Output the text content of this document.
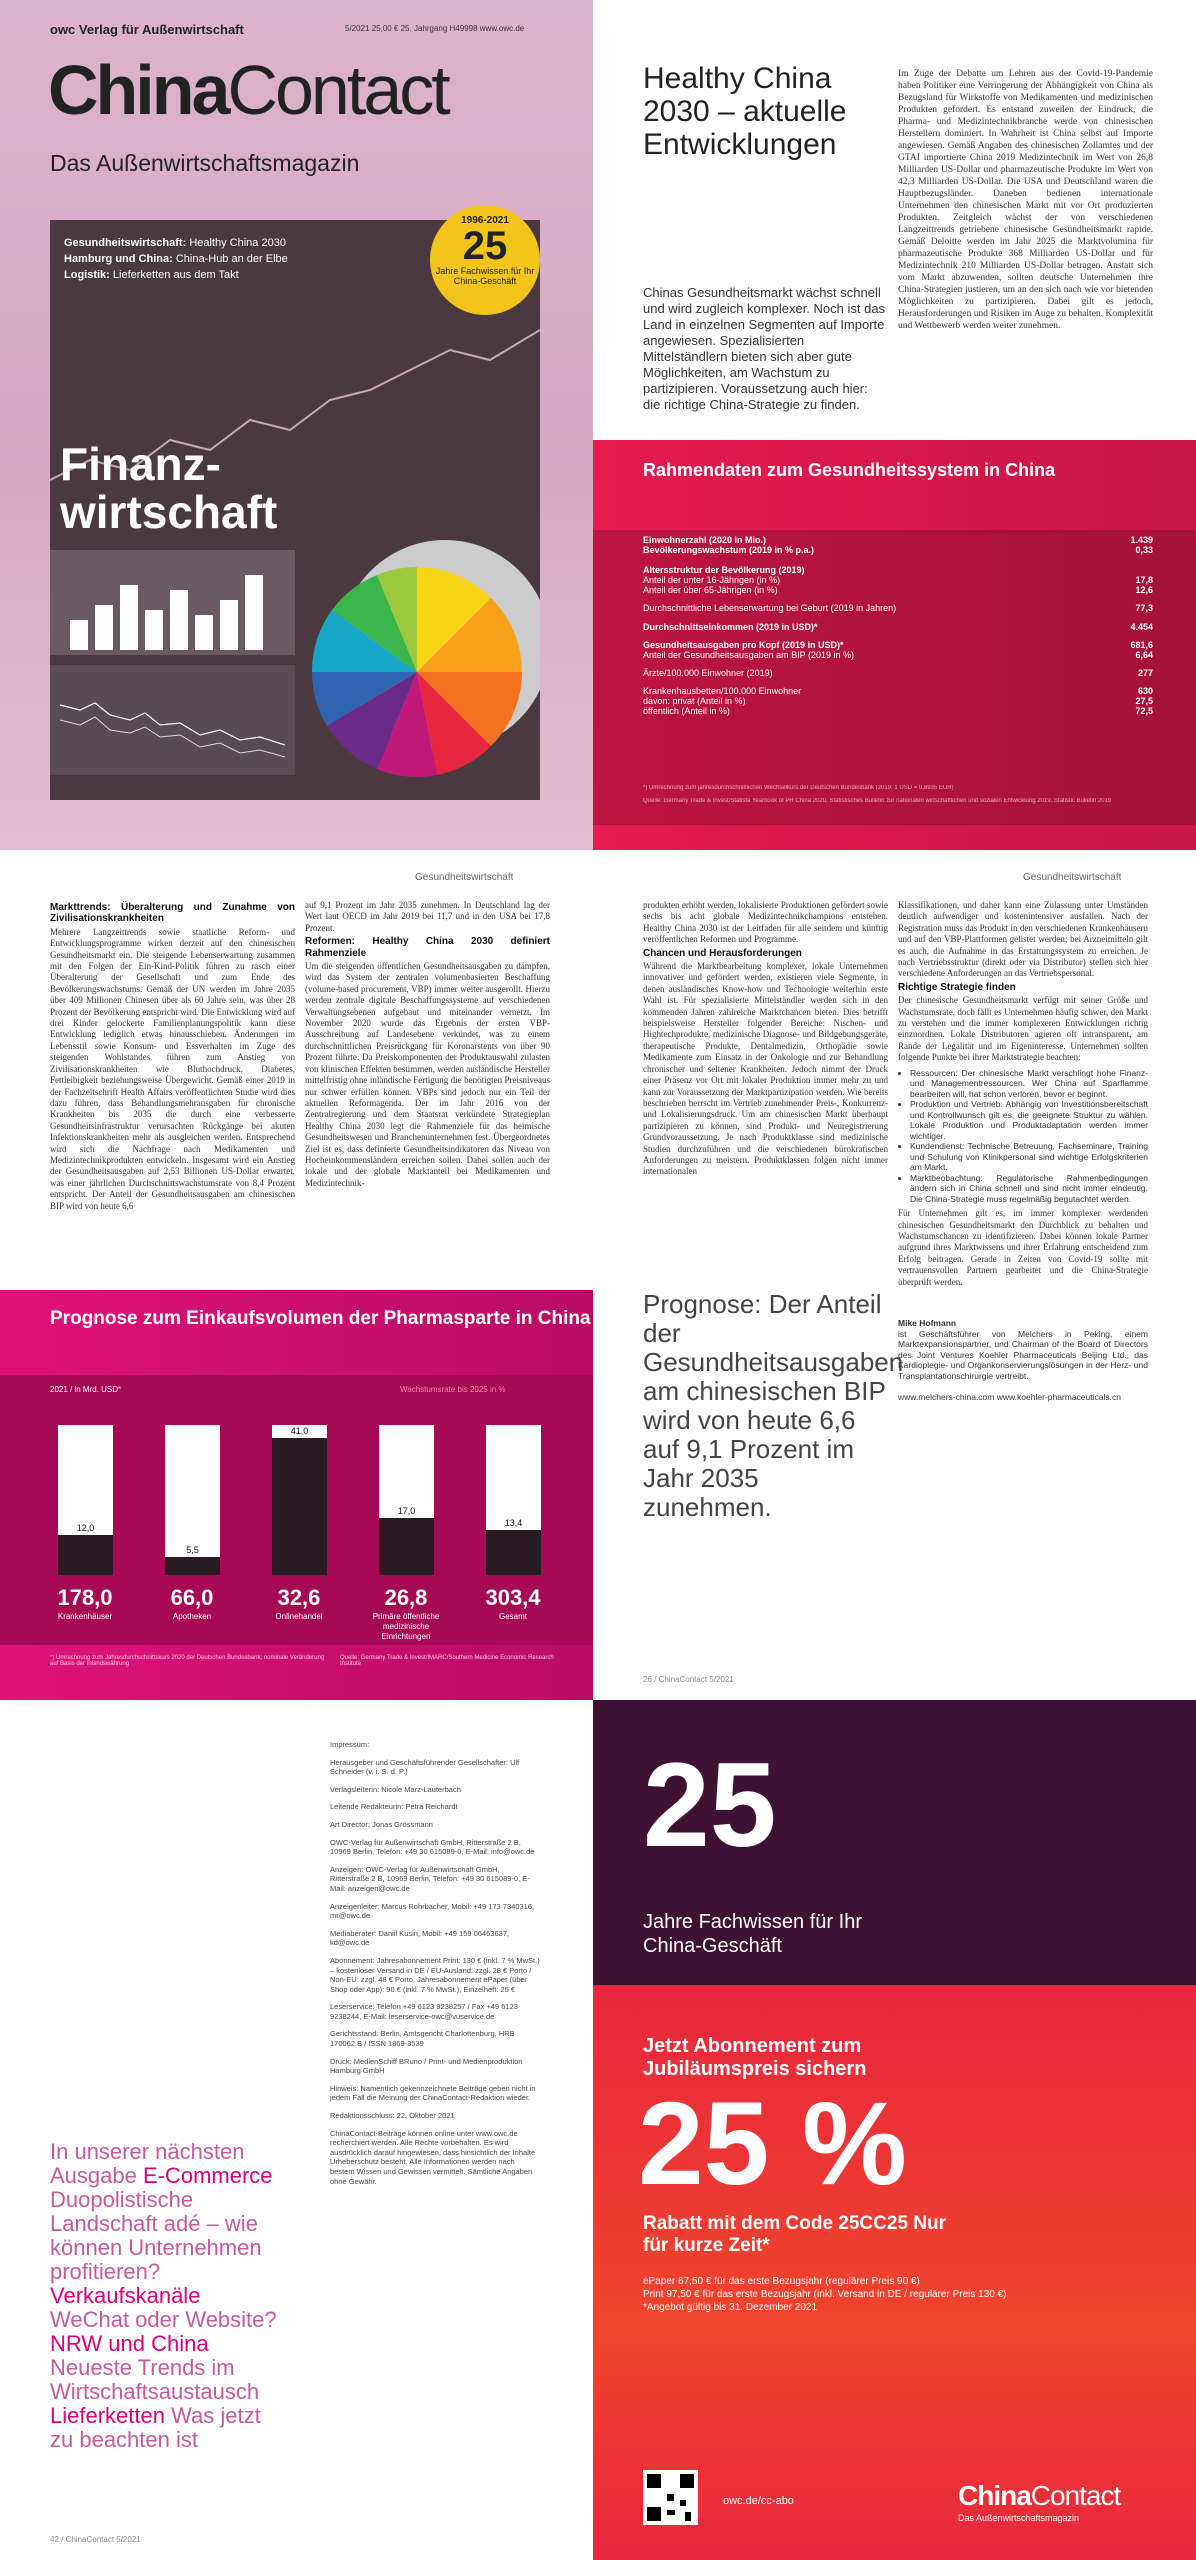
owc Verlag für Außenwirtschaft	5/2021 25,00 € 25. Jahrgang H49998 www.owc.de
ChinaContact
Das Außenwirtschaftsmagazin
Gesundheitswirtschaft: Healthy China 2030
Hamburg und China: China-Hub an der Elbe
Logistik: Lieferketten aus dem Takt
1996-2021
25
Jahre Fachwissen für Ihr China-Geschäft
Finanz-
wirtschaft
Healthy China 2030 – aktuelle Entwicklungen
Chinas Gesundheitsmarkt wächst schnell und wird zugleich komplexer. Noch ist das Land in einzelnen Segmenten auf Importe angewiesen. Spezialisierten Mittelständlern bieten sich aber gute Möglichkeiten, am Wachstum zu partizipieren. Voraussetzung auch hier: die richtige China-Strategie zu finden.
Im Zuge der Debatte um Lehren aus der Covid-19-Pandemie haben Politiker eine Verringerung der Abhängigkeit von China als Bezugsland für Wirkstoffe von Medikamenten und medizinischen Produkten gefordert. Es entstand zuweilen der Eindruck, die Pharma- und Medizintechnikbranche werde von chinesischen Herstellern dominiert. In Wahrheit ist China selbst auf Importe angewiesen. Gemäß Angaben des chinesischen Zollamtes und der GTAI importierte China 2019 Medizintechnik im Wert von 26,8 Milliarden US-Dollar und pharmazeutische Produkte im Wert von 42,3 Milliarden US-Dollar. Die USA und Deutschland waren die Hauptbezugsländer. Daneben bedienen internationale Unternehmen den chinesischen Markt mit vor Ort produzierten Produkten. Zeitgleich wächst der von verschiedenen Langzeittrends getriebene chinesische Gesundheitsmarkt rapide. Gemäß Deloitte werden im Jahr 2025 die Marktvolumina für pharmazeutische Produkte 368 Milliarden US-Dollar und für Medizintechnik 210 Milliarden US-Dollar betragen. Anstatt sich vom Markt abzuwenden, sollten deutsche Unternehmen ihre China-Strategien justieren, um an den sich nach wie vor bietenden Möglichkeiten zu partizipieren. Dabei gilt es jedoch, Herausforderungen und Risiken im Auge zu behalten. Komplexität und Wettbewerb werden weiter zunehmen.
Rahmendaten zum Gesundheitssystem in China
Einwohnerzahl (2020 in Mio.)	1.439
Bevölkerungswachstum (2019 in % p.a.)	0,33
Altersstruktur der Bevölkerung (2019)
Anteil der unter 16-Jährigen (in %)	17,8
Anteil der über 65-Jährigen (in %)	12,6
Durchschnittliche Lebenserwartung bei Geburt (2019 in Jahren)	77,3
Durchschnittseinkommen (2019 in USD)*	4.454
Gesundheitsausgaben pro Kopf (2019 in USD)*	681,6
Anteil der Gesundheitsausgaben am BIP (2019 in %)	6,64
Ärzte/100.000 Einwohner (2019)	277
Krankenhausbetten/100.000 Einwohner	630
davon: privat (Anteil in %)	27,5
öffentlich (Anteil in %)	72,5
*) Umrechnung zum jahresdurchschnittlichen Wechselkurs der Deutschen Bundesbank (2019: 1 USD = 0,8935 EUR)
Quelle: Germany Trade & Invest/Statista Yearbook of PR China 2020, Statistisches Bulletin zur nationalen wirtschaftlichen und sozialen Entwicklung 2019, Statistic Bulletin 2019
Gesundheitswirtschaft
Markttrends: Überalterung und Zunahme von Zivilisationskrankheiten
Mehrere Langzeittrends sowie staatliche Reform- und Entwicklungsprogramme wirken derzeit auf den chinesischen Gesundheitsmarkt ein. Die steigende Lebenserwartung zusammen mit den Folgen der Ein-Kind-Politik führen zu rasch einer Überalterung der Gesellschaft und zum Ende des Bevölkerungswachstums. Gemäß der UN werden im Jahre 2035 über 409 Millionen Chinesen über als 60 Jahre sein, was über 28 Prozent der Bevölkerung entspricht wird. Die Entwicklung wird auf drei Kinder gelockerte Familienplanungspolitik kann diese Entwicklung lediglich etwas hinausschieben. Änderungen im Lebensstil sowie Konsum- und Essverhalten im Zuge des steigenden Wohlstandes führen zum Anstieg von Zivilisationskrankheiten wie Bluthochdruck, Diabetes, Fettleibigkeit beziehungsweise Übergewicht. Gemäß einer 2019 in der Fachzeitschrift Health Affairs veröffentlichten Studie wird dies dazu führen, dass Behandlungsmehrausgaben für chronische Krankheiten bis 2035 die durch eine verbesserte Gesundheitsinfrastruktur verursachten Rückgänge bei akuten Infektionskrankheiten mehr als ausgleichen werden. Entsprechend wird sich die Nachfrage nach Medikamenten und Medizintechnikprodukten entwickeln. Insgesamt wird ein Anstieg der Gesundheitsausgaben auf 2,53 Billionen US-Dollar erwartet, was einer jährlichen Durchschnittswachstumsrate von 8,4 Prozent entspricht. Der Anteil der Gesundheitsausgaben am chinesischen BIP wird von heute 6,6
auf 9,1 Prozent im Jahr 2035 zunehmen. In Deutschland lag der Wert laut OECD im Jahr 2019 bei 11,7 und in den USA bei 17,8 Prozent.
Reformen: Healthy China 2030 definiert Rahmenziele
Um die steigenden öffentlichen Gesundheitsausgaben zu dämpfen, wird das System der zentralen volumenbasierten Beschaffung (volume-based procurement, VBP) immer weiter ausgerollt. Hierzu werden zentrale digitale Beschaffungssysteme auf verschiedenen Verwaltungsebenen aufgebaut und miteinander vernetzt. Im November 2020 wurde das Ergebnis der ersten VBP-Ausschreibung auf Landesebene verkündet, was zu einem durchschnittlichen Preisrückgang für Koronarstents von über 90 Prozent führte. Da Preiskomponenten der Produktauswahl zulasten von klinischen Effekten bestimmen, werden ausländische Hersteller mittelfristig ohne inländische Fertigung die benötigten Preisniveaus nur schwer erfüllen können. VBPs sind jedoch nur ein Teil der aktuellen Reformagenda. Der im Jahr 2016 von der Zentralregierung und dem Staatsrat verkündete Strategieplan Healthy China 2030 legt die Rahmenziele für das heimische Gesundheitswesen und Branchenunternehmen fest. Übergeordnetes Ziel ist es, dass definierte Gesundheitsindikatoren das Niveau von Hocheinkommensländern erreichen sollen. Dabei sollen auch der lokale und der globale Marktanteil bei Medikamenten und Medizintechnik-
Prognose zum Einkaufsvolumen der Pharmasparte in China
2021 / in Mrd. USD*	Wachstumsrate bis 2025 in %
12,0
178,0
Krankenhäuser
5,5
66,0
Apotheken
41,0
32,6
Onlinehandel
17,0
26,8
Primäre öffentliche medizinische Einrichtungen
13,4
303,4
Gesamt
*) Umrechnung zum Jahresdurchschnittskurs 2020 der Deutschen Bundesbank; nominale Veränderung auf Basis der Inlandswährung
Quelle: Germany Trade & Invest/IMARC/Southern Medicine Economic Research Institute
Gesundheitswirtschaft
produkten erhöht werden, lokalisierte Produktionen gefördert sowie sechs bis acht globale Medizintechnikchampions entstehen. Healthy China 2030 ist der Leitfaden für alle seitdem und künftig veröffentlichen Reformen und Programme.
Chancen und Herausforderungen
Während die Marktbearbeitung komplexer, lokale Unternehmen innovativer und gefördert werden, existieren viele Segmente, in denen ausländisches Know-how und Technologie weiterhin erste Wahl ist. Für spezialisierte Mittelständler werden sich in den kommenden Jahren zahlreiche Marktchancen bieten. Dies betrifft beispielsweise Hersteller folgender Bereiche: Nischen- und Hightechprodukte, medizinische Diagnose- und Bildgebungsgeräte, therapeutische Produkte, Dentalmedizin, Orthopädie sowie Medikamente zum Einsatz in der Onkologie und zur Behandlung chronischer und seltener Krankheiten. Jedoch nimmt der Druck einer Präsenz vor Ort mit lokaler Produktion immer mehr zu und kann zur Voraussetzung der Marktpartizipation werden. Wie bereits beschrieben herrscht im Vertrieb zunehmender Preis-, Konkurrenz- und Lokalisierungsdruck. Um am chinesischen Markt überhaupt partizipieren zu können, sind Produkt- und Neuregistrierung Grundvoraussetzung. Je nach Produktklasse sind medizinische Studien durchzuführen und die verschiedenen bürokratischen Anforderungen zu meistern. Produktklassen folgen nicht immer internationalen
Klassifikationen, und daher kann eine Zulassung unter Umständen deutlich aufwendiger und kostenintensiver ausfallen. Nach der Registration muss das Produkt in den verschiedenen Krankenhäusern und auf den VBP-Plattformen gelistet werden; bei Arzneimitteln gilt es auch, die Aufnahme in das Erstattungssystem zu erreichen. Je nach Vertriebsstruktur (direkt oder via Distributor) stellen sich hier verschiedene Anforderungen an das Vertriebspersonal.
Richtige Strategie finden
Der chinesische Gesundheitsmarkt verfügt mit seiner Größe und Wachstumsrate, doch fällt es Unternehmen häufig schwer, den Markt zu verstehen und die immer komplexeren Entwicklungen richtig einzuordnen. Lokale Distributoren agieren oft intransparent, am Rande der Legalität und im Eigeninteresse. Unternehmen sollten folgende Punkte bei ihrer Marktstrategie beachten:
• Ressourcen: Der chinesische Markt verschlingt hohe Finanz- und Managementressourcen. Wer China auf Sparflamme bearbeiten will, hat schon verloren, bevor er beginnt.
• Produktion und Vertrieb: Abhängig von Investitionsbereitschaft und Kontrollwunsch gilt es, die geeignete Struktur zu wählen. Lokale Produktion und Produktadaptation werden immer wichtiger.
• Kundendienst: Technische Betreuung, Fachseminare, Training und Schulung von Klinikpersonal sind wichtige Erfolgskriterien am Markt.
• Marktbeobachtung: Regulatorische Rahmenbedingungen ändern sich in China schnell und sind nicht immer eindeutig. Die China-Strategie muss regelmäßig begutachtet werden.
Für Unternehmen gilt es, im immer komplexer werdenden chinesischen Gesundheitsmarkt den Durchblick zu behalten und Wachstumschancen zu identifizieren. Dabei können lokale Partner aufgrund ihres Marktwissens und ihrer Erfahrung entscheidend zum Erfolg beitragen. Gerade in Zeiten von Covid-19 sollte mit vertrauensvollen Partnern gearbeitet und die China-Strategie überprüft werden.
Mike Hofmann
ist Geschäftsführer von Melchers in Peking, einem Marktexpansionspartner, und Chairman of the Board of Directors des Joint Ventures Koehler Pharmaceuticals Beijing Ltd., das Kardioplegie- und Organkonservierungslösungen in der Herz- und Transplantationschirurgie vertreibt.

www.melchers-china.com www.koehler-pharmaceuticals.cn
Prognose: Der Anteil der Gesundheitsausgaben am chinesischen BIP wird von heute 6,6 auf 9,1 Prozent im Jahr 2035 zunehmen.
26 / ChinaContact 5/2021

Impressum:

Herausgeber und Geschäftsführender Gesellschafter: Ulf Schneider (v. i. S. d. P.)

Verlagsleiterin: Nicole Marz-Lauterbach

Leitende Redakteurin: Petra Reichardt

Art Director: Jonas Grossmann

OWC-Verlag für Außenwirtschaft GmbH, Ritterstraße 2 B, 10969 Berlin, Telefon: +49 30 615089-0, E-Mail: info@owc.de

Anzeigen: OWC-Verlag für Außenwirtschaft GmbH, Ritterstraße 2 B, 10969 Berlin, Telefon: +49 30 615089-0, E-Mail: anzeigen@owc.de

Anzeigenleiter: Marcus Rohrbacher, Mobil: +49 173 7340316, mr@owc.de

Mediaberater: Daniil Kusin, Mobil: +49 159 06463637, kd@owc.de

Abonnement: Jahresabonnement Print: 130 € (inkl. 7 % MwSt.) – kostenloser Versand in DE / EU-Ausland: zzgl. 28 € Porto / Non-EU: zzgl. 48 € Porto, Jahresabonnement ePaper (über Shop oder App): 90 € (inkl. 7 % MwSt.), Einzelheft: 25 €

Leserservice: Telefon +49 6123 9238257 / Fax +49 6123 9238244, E-Mail: leserservice-owc@vuservice.de

Gerichtsstand: Berlin, Amtsgericht Charlottenburg, HRB 170062 B / ISSN 1869-3539

Druck: MedienSchiff BRuno / Print- und Medienproduktion Hamburg GmbH

Hinweis: Namentlich gekennzeichnete Beiträge geben nicht in jedem Fall die Meinung der ChinaContact-Redaktion wieder.

Redaktionsschluss: 22. Oktober 2021

ChinaContact-Beiträge können online unter www.owc.de recherchiert werden. Alle Rechte vorbehalten. Es wird ausdrücklich darauf hingewiesen, dass hinsichtlich der Inhalte Urheberschutz besteht. Alle Informationen werden nach bestem Wissen und Gewissen vermittelt. Sämtliche Angaben ohne Gewähr.

In unserer nächsten Ausgabe E-Commerce Duopolistische Landschaft adé – wie können Unternehmen profitieren? Verkaufskanäle WeChat oder Website? NRW und China Neueste Trends im Wirtschaftsaustausch Lieferketten Was jetzt zu beachten ist
42 / ChinaContact 5/2021
25
Jahre Fachwissen für Ihr China-Geschäft
Jetzt Abonnement zum Jubiläumspreis sichern
25 %
Rabatt mit dem Code 25CC25 Nur für kurze Zeit*
ePaper 67,50 € für das erste Bezugsjahr (regulärer Preis 90 €)
Print 97,50 € für das erste Bezugsjahr (inkl. Versand in DE / regulärer Preis 130 €)
*Angebot gültig bis 31. Dezember 2021
owc.de/cc-abo	ChinaContact
Das Außenwirtschaftsmagazin
